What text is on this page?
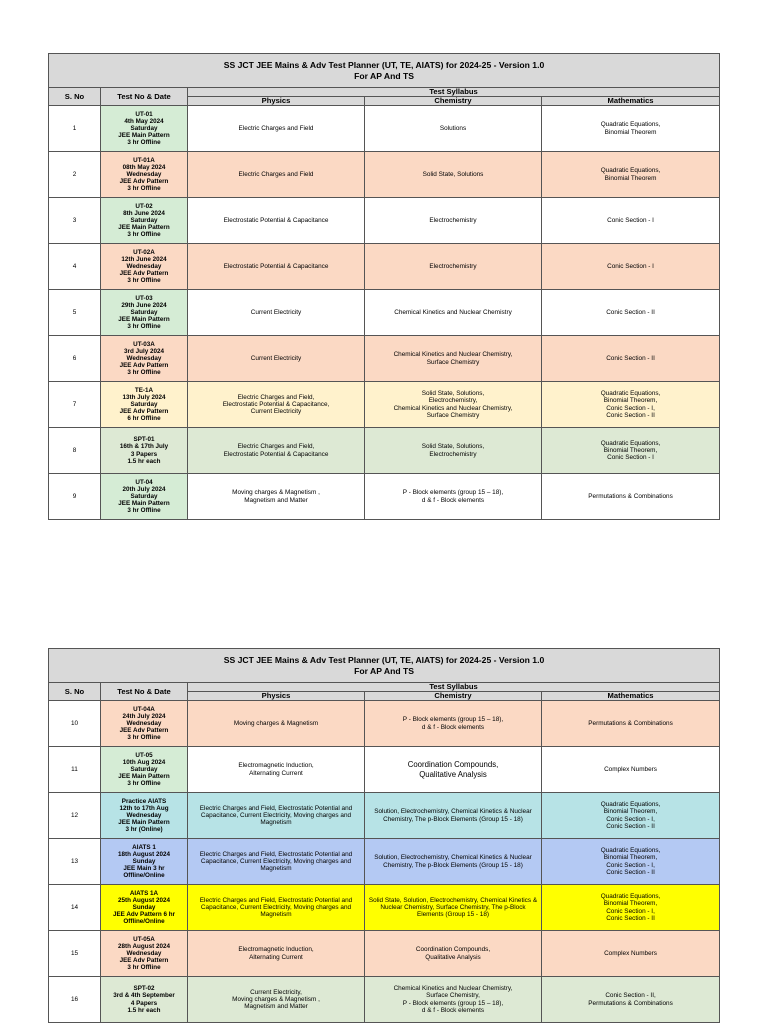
SS JCT JEE Mains & Adv Test Planner (UT, TE, AIATS) for 2024-25 - Version 1.0
For AP And TS				
S. No	Test No & Date	Test Syllabus		
		Physics	Chemistry	Mathematics
1	UT-01
4th May 2024
Saturday
JEE Main Pattern
3 hr Offline	Electric Charges and Field	Solutions	Quadratic Equations,
Binomial Theorem
2	UT-01A
08th May 2024
Wednesday
JEE Adv Pattern
3 hr Offline	Electric Charges and Field	Solid State, Solutions	Quadratic Equations,
Binomial Theorem
3	UT-02
8th June 2024
Saturday
JEE Main Pattern
3 hr Offline	Electrostatic Potential & Capacitance	Electrochemistry	Conic Section - I
4	UT-02A
12th June 2024
Wednesday
JEE Adv Pattern
3 hr Offline	Electrostatic Potential & Capacitance	Electrochemistry	Conic Section - I
5	UT-03
29th June 2024
Saturday
JEE Main Pattern
3 hr Offline	Current Electricity	Chemical Kinetics and Nuclear Chemistry	Conic Section - II
6	UT-03A
3rd July 2024
Wednesday
JEE Adv Pattern
3 hr Offline	Current Electricity	Chemical Kinetics and Nuclear Chemistry,
Surface Chemistry	Conic Section - II
7	TE-1A
13th July 2024
Saturday
JEE Adv Pattern
6 hr Offline	Electric Charges and Field,
Electrostatic Potential & Capacitance,
Current Electricity	Solid State, Solutions,
Electrochemistry,
Chemical Kinetics and Nuclear Chemistry,
Surface Chemistry	Quadratic Equations,
Binomial Theorem,
Conic Section - I,
Conic Section - II
8	SPT-01
16th & 17th July
3 Papers
1.5 hr each	Electric Charges and Field,
Electrostatic Potential & Capacitance	Solid State, Solutions,
Electrochemistry	Quadratic Equations,
Binomial Theorem,
Conic Section - I
9	UT-04
20th July 2024
Saturday
JEE Main Pattern
3 hr Offline	Moving charges & Magnetism ,
Magnetism and Matter	P - Block elements (group 15 – 18),
d & f - Block elements	Permutations & Combinations
SS JCT JEE Mains & Adv Test Planner (UT, TE, AIATS) for 2024-25 - Version 1.0
For AP And TS				
S. No	Test No & Date	Test Syllabus		
		Physics	Chemistry	Mathematics
10	UT-04A
24th July 2024
Wednesday
JEE Adv Pattern
3 hr Offline	Moving charges & Magnetism	P - Block elements (group 15 – 18),
d & f - Block elements	Permutations & Combinations
11	UT-05
10th Aug 2024
Saturday
JEE Main Pattern
3 hr Offline	Electromagnetic Induction,
Alternating Current	Coordination Compounds,
Qualitative Analysis	Complex Numbers
12	Practice AIATS
12th to 17th Aug
Wednesday
JEE Main Pattern
3 hr (Online)	Electric Charges and Field, Electrostatic Potential and Capacitance, Current Electricity, Moving charges and Magnetism	Solution, Electrochemistry, Chemical Kinetics & Nuclear Chemistry, The p-Block Elements (Group 15 - 18)	Quadratic Equations,
Binomial Theorem,
Conic Section - I,
Conic Section - II
13	AIATS 1
18th August 2024
Sunday
JEE Main 3 hr
Offline/Online	Electric Charges and Field, Electrostatic Potential and Capacitance, Current Electricity, Moving charges and Magnetism	Solution, Electrochemistry, Chemical Kinetics & Nuclear Chemistry, The p-Block Elements (Group 15 - 18)	Quadratic Equations,
Binomial Theorem,
Conic Section - I,
Conic Section - II
14	AIATS 1A
25th August 2024
Sunday
JEE Adv Pattern 6 hr
Offline/Online	Electric Charges and Field, Electrostatic Potential and Capacitance, Current Electricity, Moving charges and Magnetism	Solid State, Solution, Electrochemistry, Chemical Kinetics & Nuclear Chemistry, Surface Chemistry, The p-Block Elements (Group 15 - 18)	Quadratic Equations,
Binomial Theorem,
Conic Section - I,
Conic Section - II
15	UT-05A
28th August 2024
Wednesday
JEE Adv Pattern
3 hr Offline	Electromagnetic Induction,
Alternating Current	Coordination Compounds,
Qualitative Analysis	Complex Numbers
16	SPT-02
3rd & 4th September
4 Papers
1.5 hr each	Current Electricity,
Moving charges & Magnetism ,
Magnetism and Matter	Chemical Kinetics and Nuclear Chemistry,
Surface Chemistry,
P - Block elements (group 15 – 18),
d & f - Block elements	Conic Section - II,
Permutations & Combinations
